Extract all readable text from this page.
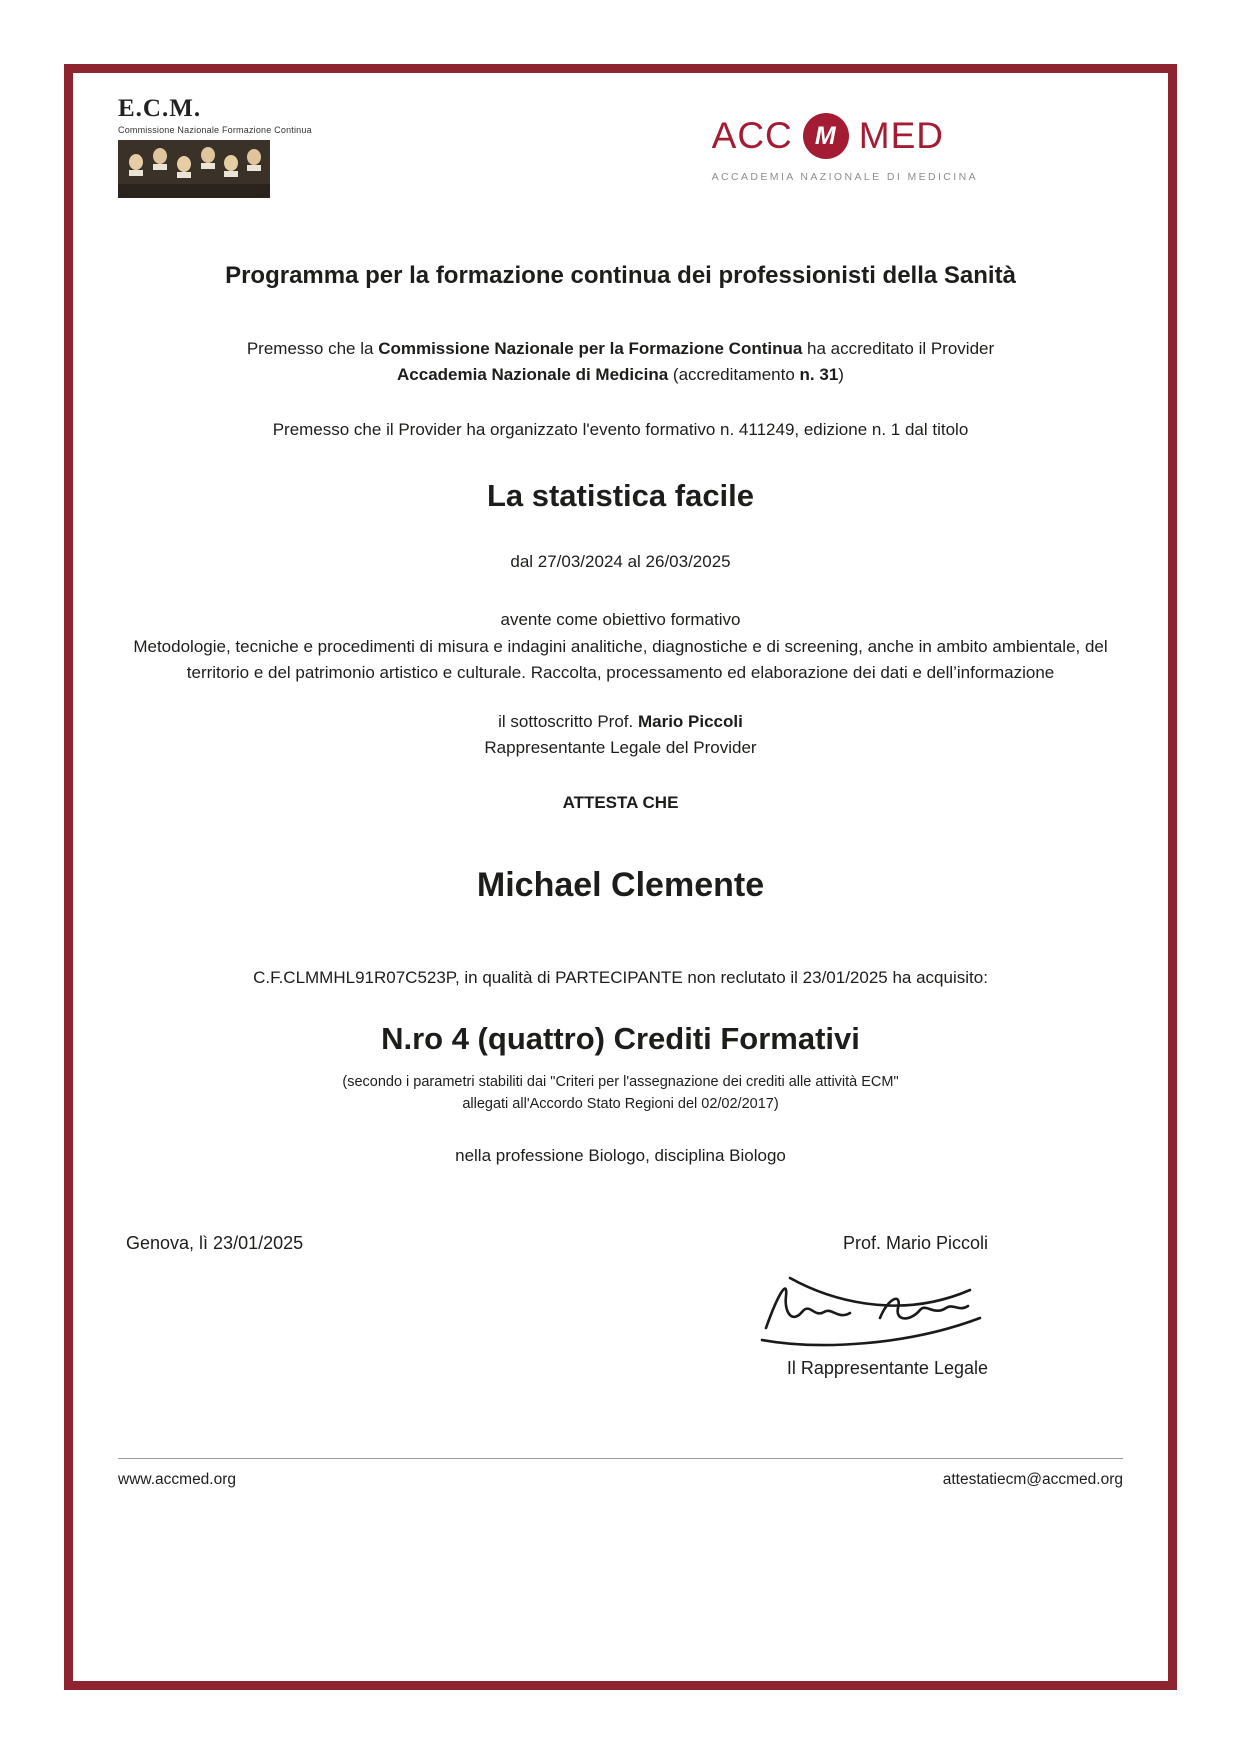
E.C.M.
Commissione Nazionale Formazione Continua	ACC M MED
ACCADEMIA NAZIONALE DI MEDICINA
Programma per la formazione continua dei professionisti della Sanità
Premesso che la Commissione Nazionale per la Formazione Continua ha accreditato il Provider
Accademia Nazionale di Medicina (accreditamento n. 31)
Premesso che il Provider ha organizzato l'evento formativo n. 411249, edizione n. 1 dal titolo
La statistica facile
dal 27/03/2024 al 26/03/2025
avente come obiettivo formativo
Metodologie, tecniche e procedimenti di misura e indagini analitiche, diagnostiche e di screening, anche in ambito ambientale, del territorio e del patrimonio artistico e culturale. Raccolta, processamento ed elaborazione dei dati e dell’informazione
il sottoscritto Prof. Mario Piccoli
Rappresentante Legale del Provider
ATTESTA CHE
Michael Clemente
C.F.CLMMHL91R07C523P, in qualità di PARTECIPANTE non reclutato il 23/01/2025 ha acquisito:
N.ro 4 (quattro) Crediti Formativi
(secondo i parametri stabiliti dai "Criteri per l'assegnazione dei crediti alle attività ECM"
allegati all'Accordo Stato Regioni del 02/02/2017)
nella professione Biologo, disciplina Biologo
Genova, lì 23/01/2025	Prof. Mario Piccoli
Il Rappresentante Legale
www.accmed.org	attestatiecm@accmed.org
